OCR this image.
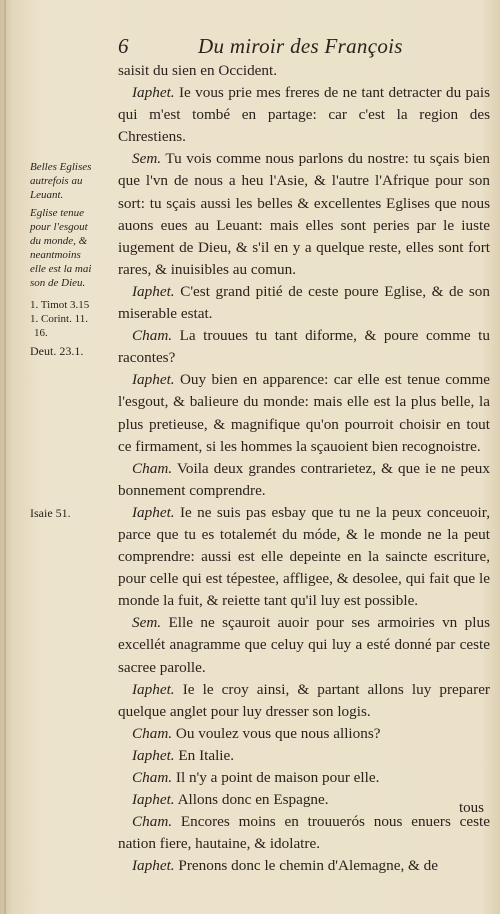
6	Du miroir des François
Belles Eglises
autrefois au
Leuant.
Eglise tenue
pour l'esgout
du monde, &
neantmoins
elle est la mai
son de Dieu.
1. Timot 3.15
1. Corint. 11.
16.
Deut. 23.1.
Isaie 51.

saisit du sien en Occident.

Iaphet. Ie vous prie mes freres de ne tant detracter du pais qui m'est tombé en partage: car c'est la region des Chrestiens.

Sem. Tu vois comme nous parlons du nostre: tu sçais bien que l'vn de nous a heu l'Asie, & l'autre l'Afrique pour son sort: tu sçais aussi les belles & excellentes Eglises que nous auons eues au Leuant: mais elles sont peries par le iuste iugement de Dieu, & s'il en y a quelque reste, elles sont fort rares, & inuisibles au comun.

Iaphet. C'est grand pitié de ceste poure Eglise, & de son miserable estat.

Cham. La trouues tu tant diforme, & poure comme tu racontes?

Iaphet. Ouy bien en apparence: car elle est tenue comme l'esgout, & balieure du monde: mais elle est la plus belle, la plus pretieuse, & magnifique qu'on pourroit choisir en tout ce firmament, si les hommes la sçauoient bien recognoistre.

Cham. Voila deux grandes contrarietez, & que ie ne peux bonnement comprendre.

Iaphet. Ie ne suis pas esbay que tu ne la peux conceuoir, parce que tu es totalemét du móde, & le monde ne la peut comprendre: aussi est elle depeinte en la saincte escriture, pour celle qui est tépestee, affligee, & desolee, qui fait que le monde la fuit, & reiette tant qu'il luy est possible.

Sem. Elle ne sçauroit auoir pour ses armoiries vn plus excellét anagramme que celuy qui luy a esté donné par ceste sacree parolle.

Iaphet. Ie le croy ainsi, & partant allons luy preparer quelque anglet pour luy dresser son logis.

Cham. Ou voulez vous que nous allions?

Iaphet. En Italie.

Cham. Il n'y a point de maison pour elle.

Iaphet. Allons donc en Espagne.

Cham. Encores moins en trouuerós nous enuers ceste nation fiere, hautaine, & idolatre.

Iaphet. Prenons donc le chemin d'Alemagne, & de

tous
